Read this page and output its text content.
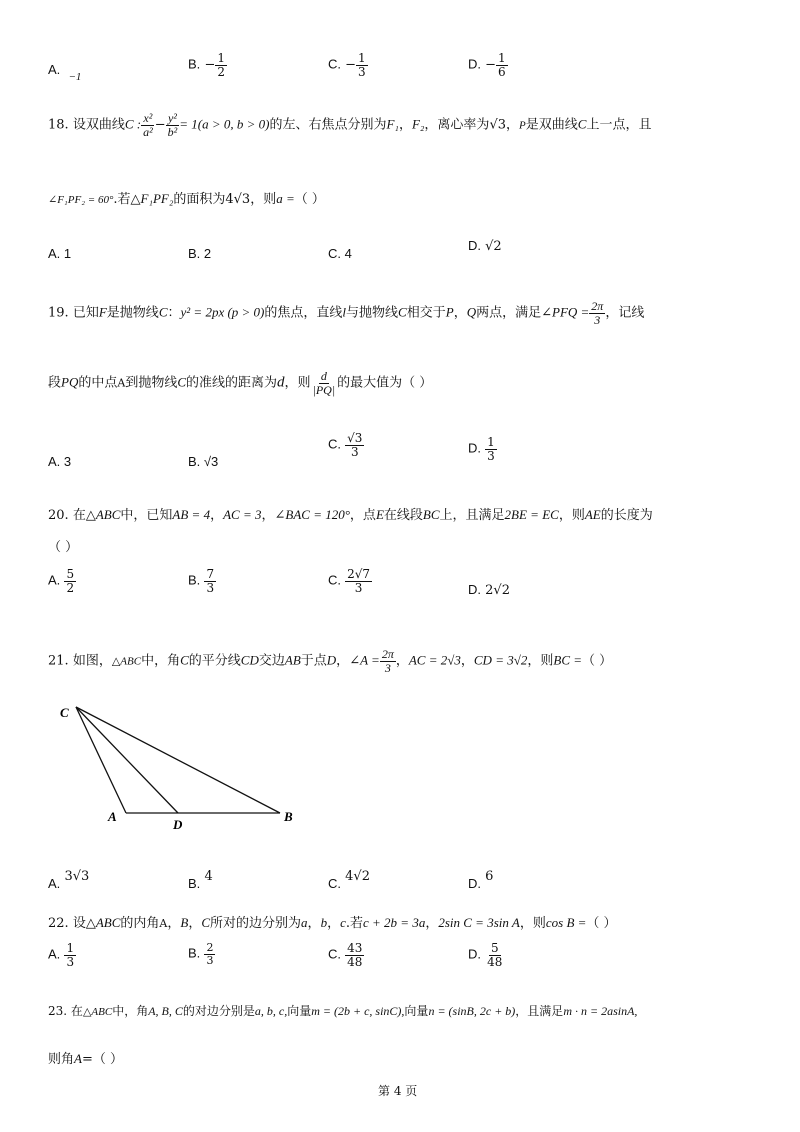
A. $_{-1}$
B. − $\frac{1}{2}$	C. − $\frac{1}{3}$	D. − $\frac{1}{6}$
18. 设双曲线C : $\frac{\text{x²}}{\text{a²}} - \frac{\text{y²}}{\text{b²}} = 1(a > 0$, b > 0)的左、右焦点分别为F₁，F₂，离心率为√3，P是双曲线C上一点，且
∠F₁PF₂ = 60°.若△F₁PF₂的面积为4√3，则a =（ ）
A. 1	B. 2	C. 4
D. √2
19. 已知F是抛物线C：y² = 2px (p > 0)的焦点，直线l与抛物线C相交于P，Q两点，满足∠PFQ = $\frac{2\pi}{3}$ ，记线
段PQ的中点A到抛物线C的准线的距离为d，则 $\frac{d}{|PQ|}$ 的最大值为（ ）
A. 3	B. √3
C. $\frac{√3}{3}$	D. $\frac{1}{3}$
20. 在△ABC中，已知AB = 4，AC = 3，∠BAC = 120°，点E在线段BC上，且满足2BE = EC，则AE的长度为
（ ）
A. $\frac{5}{2}$	B. $\frac{7}{3}$	C. $\frac{2√7}{3}$	D. 2√2
21. 如图，△ABC中，角C的平分线CD交边AB于点D，∠A = $\frac{2\pi}{3}$ ，AC = 2√3，CD = 3√2，则BC =（ ）
C
A
D
B
A. 3√3	B. 4	C. 4√2	D. 6
22. 设△ABC的内角A，B，C所对的边分别为a，b，c.若c + 2b = 3a，2sin C = 3sin A，则cos B =（ ）
A. $\frac{1}{3}$	B. $\frac{2}{3}$	C. $\frac{43}{48}$	D. $\frac{5}{48}$
23. 在△ABC中，角A, B, C的对边分别是a, b, c,向量m = (2b + c, sinC),向量n = (sinB, 2c + b)，且满足m · n = 2asinA,
则角A=（ ）
第 4 页
